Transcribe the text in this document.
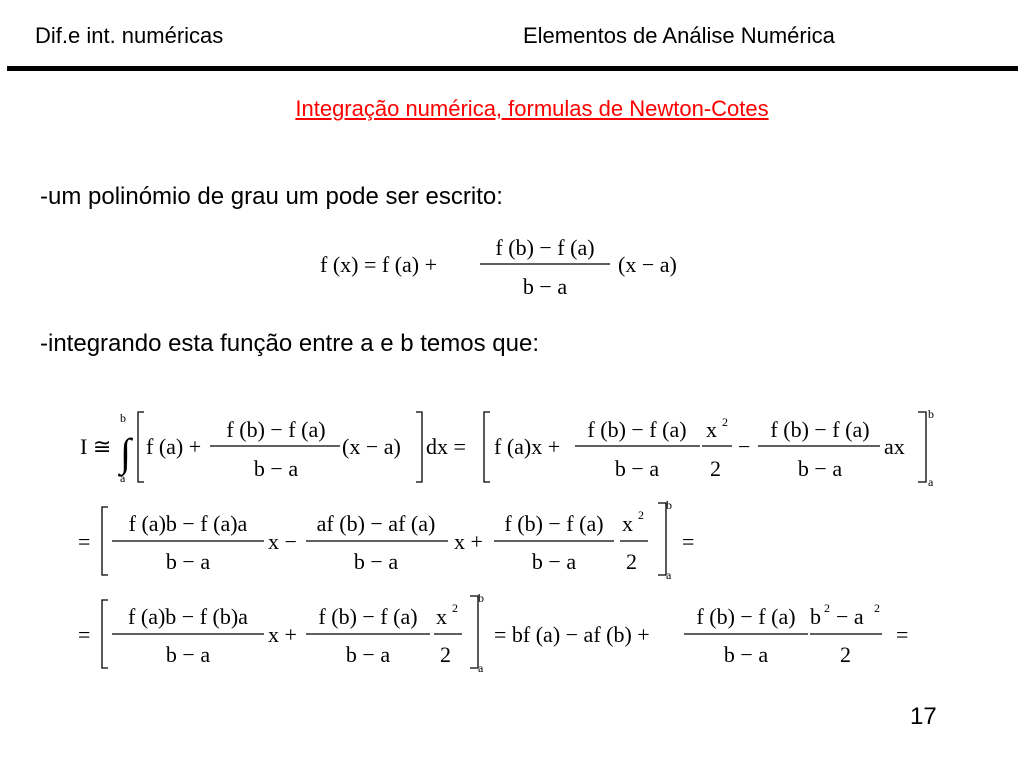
Dif.e int. numéricas	Elementos de Análise Numérica
Integração numérica, formulas de Newton-Cotes
-um polinómio de grau um pode ser escrito:
f (x) = f (a) +
f (b) − f (a)
b − a
(x − a)
-integrando esta função entre a e b temos que:
I ≅ ∫
b
a
f (a) +
f (b) − f (a)
b − a
(x − a) dx = f (a)x +
f (b) − f (a)
b − a
x 2
2
−
f (b) − f (a)
b − a
ax
b
a
=
f (a)b − f (a)a
b − a
x −
af (b) − af (a)
b − a
x +
f (b) − f (a)
b − a
x 2
2
b
a
=
=
f (a)b − f (b)a
b − a
x +
f (b) − f (a)
b − a
x 2
2
b
a
= bf (a) − af (b) +
f (b) − f (a)
b − a
b 2 − a 2
2
=
17
